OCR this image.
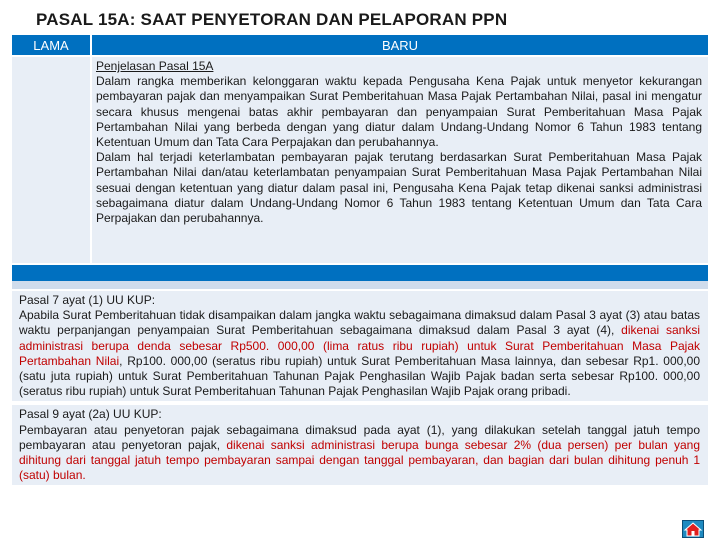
PASAL 15A: SAAT PENYETORAN DAN PELAPORAN PPN
LAMA	BARU
Penjelasan Pasal 15A
Dalam rangka memberikan kelonggaran waktu kepada Pengusaha Kena Pajak untuk menyetor kekurangan pembayaran pajak dan menyampaikan Surat Pemberitahuan Masa Pajak Pertambahan Nilai, pasal ini mengatur secara khusus mengenai batas akhir pembayaran dan penyampaian Surat Pemberitahuan Masa Pajak Pertambahan Nilai yang berbeda dengan yang diatur dalam Undang-Undang Nomor 6 Tahun 1983 tentang Ketentuan Umum dan Tata Cara Perpajakan dan perubahannya.
Dalam hal terjadi keterlambatan pembayaran pajak terutang berdasarkan Surat Pemberitahuan Masa Pajak Pertambahan Nilai dan/atau keterlambatan penyampaian Surat Pemberitahuan Masa Pajak Pertambahan Nilai sesuai dengan ketentuan yang diatur dalam pasal ini, Pengusaha Kena Pajak tetap dikenai sanksi administrasi sebagaimana diatur dalam Undang-Undang Nomor 6 Tahun 1983 tentang Ketentuan Umum dan Tata Cara Perpajakan dan perubahannya.
Pasal 7 ayat (1) UU KUP:
Apabila Surat Pemberitahuan tidak disampaikan dalam jangka waktu sebagaimana dimaksud dalam Pasal 3 ayat (3) atau batas waktu perpanjangan penyampaian Surat Pemberitahuan sebagaimana dimaksud dalam Pasal 3 ayat (4), dikenai sanksi administrasi berupa denda sebesar Rp500. 000,00 (lima ratus ribu rupiah) untuk Surat Pemberitahuan Masa Pajak Pertambahan Nilai, Rp100. 000,00 (seratus ribu rupiah) untuk Surat Pemberitahuan Masa lainnya, dan sebesar Rp1. 000,00 (satu juta rupiah) untuk Surat Pemberitahuan Tahunan Pajak Penghasilan Wajib Pajak badan serta sebesar Rp100. 000,00 (seratus ribu rupiah) untuk Surat Pemberitahuan Tahunan Pajak Penghasilan Wajib Pajak orang pribadi.
Pasal 9 ayat (2a) UU KUP:
Pembayaran atau penyetoran pajak sebagaimana dimaksud pada ayat (1), yang dilakukan setelah tanggal jatuh tempo pembayaran atau penyetoran pajak, dikenai sanksi administrasi berupa bunga sebesar 2% (dua persen) per bulan yang dihitung dari tanggal jatuh tempo pembayaran sampai dengan tanggal pembayaran, dan bagian dari bulan dihitung penuh 1 (satu) bulan.
